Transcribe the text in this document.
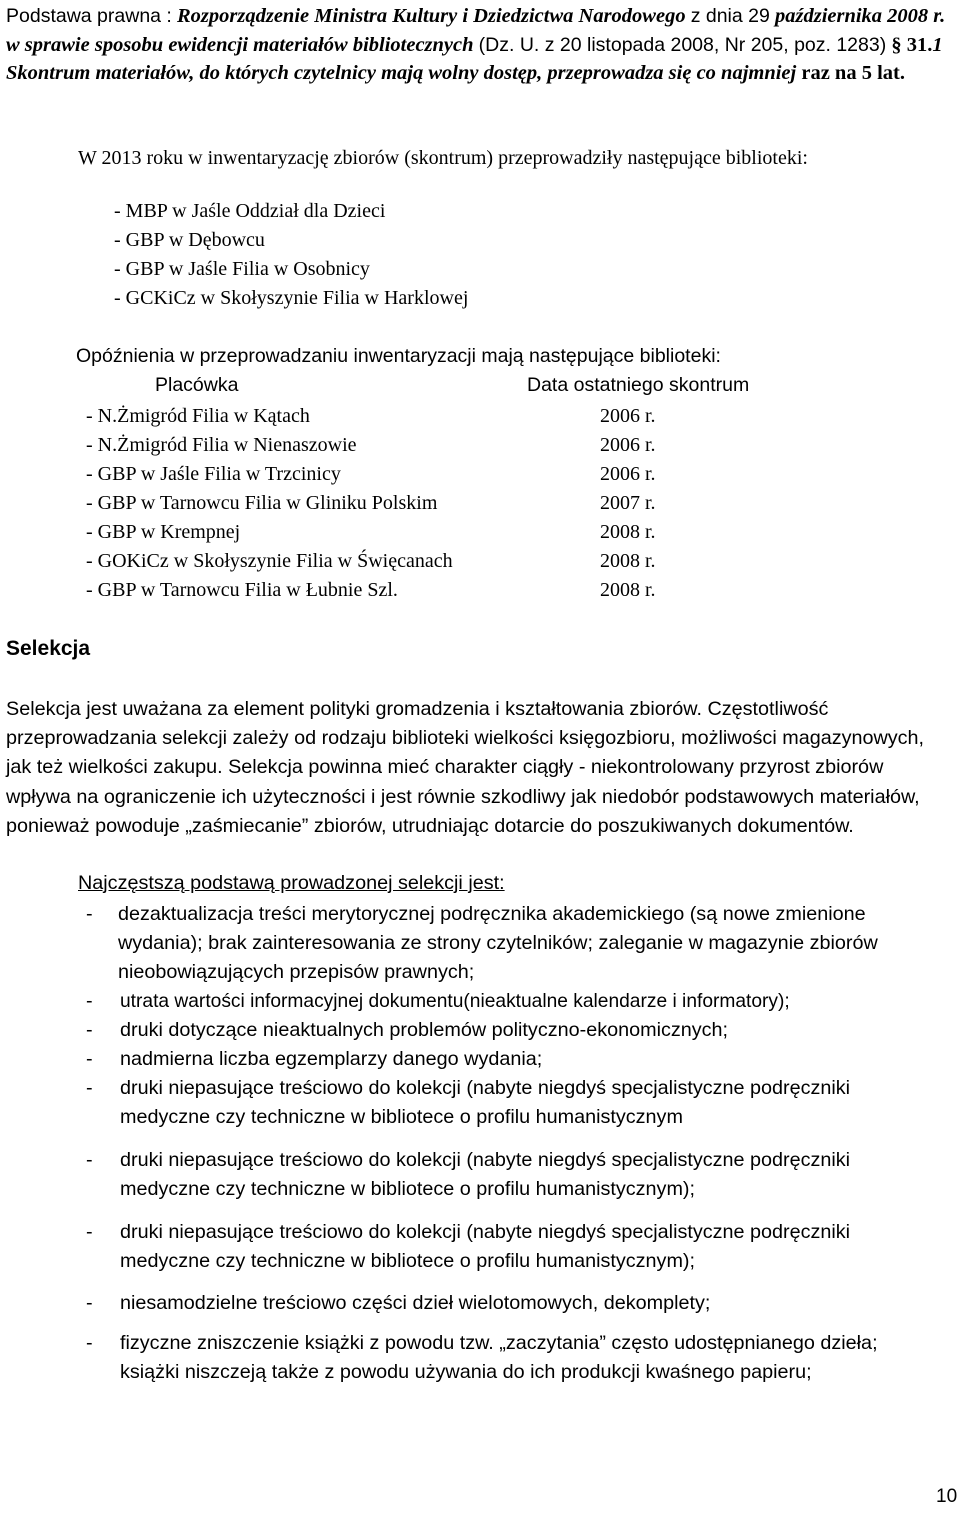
Podstawa prawna : Rozporządzenie Ministra Kultury i Dziedzictwa Narodowego z dnia 29 października 2008 r. w sprawie sposobu ewidencji materiałów bibliotecznych (Dz. U. z 20 listopada 2008, Nr 205, poz. 1283) § 31.1 Skontrum materiałów, do których czytelnicy mają wolny dostęp, przeprowadza się co najmniej raz na 5 lat.
W 2013 roku w inwentaryzację zbiorów (skontrum) przeprowadziły następujące biblioteki:
- MBP w Jaśle Oddział dla Dzieci
- GBP w Dębowcu
- GBP w Jaśle Filia w Osobnicy
- GCKiCz w Skołyszynie Filia w Harklowej
Opóźnienia w przeprowadzaniu inwentaryzacji mają następujące biblioteki:
Placówka	Data ostatniego skontrum
- N.Żmigród Filia w Kątach	2006 r.
- N.Żmigród Filia w Nienaszowie	2006 r.
- GBP w Jaśle Filia w Trzcinicy	2006 r.
- GBP w Tarnowcu Filia w Gliniku Polskim	2007 r.
- GBP w Krempnej	2008 r.
- GOKiCz w Skołyszynie Filia w Święcanach	2008 r.
- GBP w Tarnowcu Filia w Łubnie Szl.	2008 r.
Selekcja
Selekcja jest uważana za element polityki gromadzenia i kształtowania zbiorów. Częstotliwość przeprowadzania selekcji zależy od rodzaju biblioteki wielkości księgozbioru, możliwości magazynowych, jak też wielkości zakupu. Selekcja powinna mieć charakter ciągły - niekontrolowany przyrost zbiorów wpływa na ograniczenie ich użyteczności i jest równie szkodliwy jak niedobór podstawowych materiałów, ponieważ powoduje „zaśmiecanie” zbiorów, utrudniając dotarcie do poszukiwanych dokumentów.
Najczęstszą podstawą prowadzonej selekcji jest:
- dezaktualizacja treści merytorycznej podręcznika akademickiego (są nowe zmienione wydania); brak zainteresowania ze strony czytelników; zaleganie w magazynie zbiorów nieobowiązujących przepisów prawnych;
- utrata wartości informacyjnej dokumentu(nieaktualne kalendarze i informatory);
- druki dotyczące nieaktualnych problemów polityczno-ekonomicznych;
- nadmierna liczba egzemplarzy danego wydania;
- druki niepasujące treściowo do kolekcji (nabyte niegdyś specjalistyczne podręczniki medyczne czy techniczne w bibliotece o profilu humanistycznym
- druki niepasujące treściowo do kolekcji (nabyte niegdyś specjalistyczne podręczniki medyczne czy techniczne w bibliotece o profilu humanistycznym);
- druki niepasujące treściowo do kolekcji (nabyte niegdyś specjalistyczne podręczniki medyczne czy techniczne w bibliotece o profilu humanistycznym);
- niesamodzielne treściowo części dzieł wielotomowych, dekomplety;
- fizyczne zniszczenie książki z powodu tzw. „zaczytania” często udostępnianego dzieła; książki niszczeją także z powodu używania do ich produkcji kwaśnego papieru;
10
